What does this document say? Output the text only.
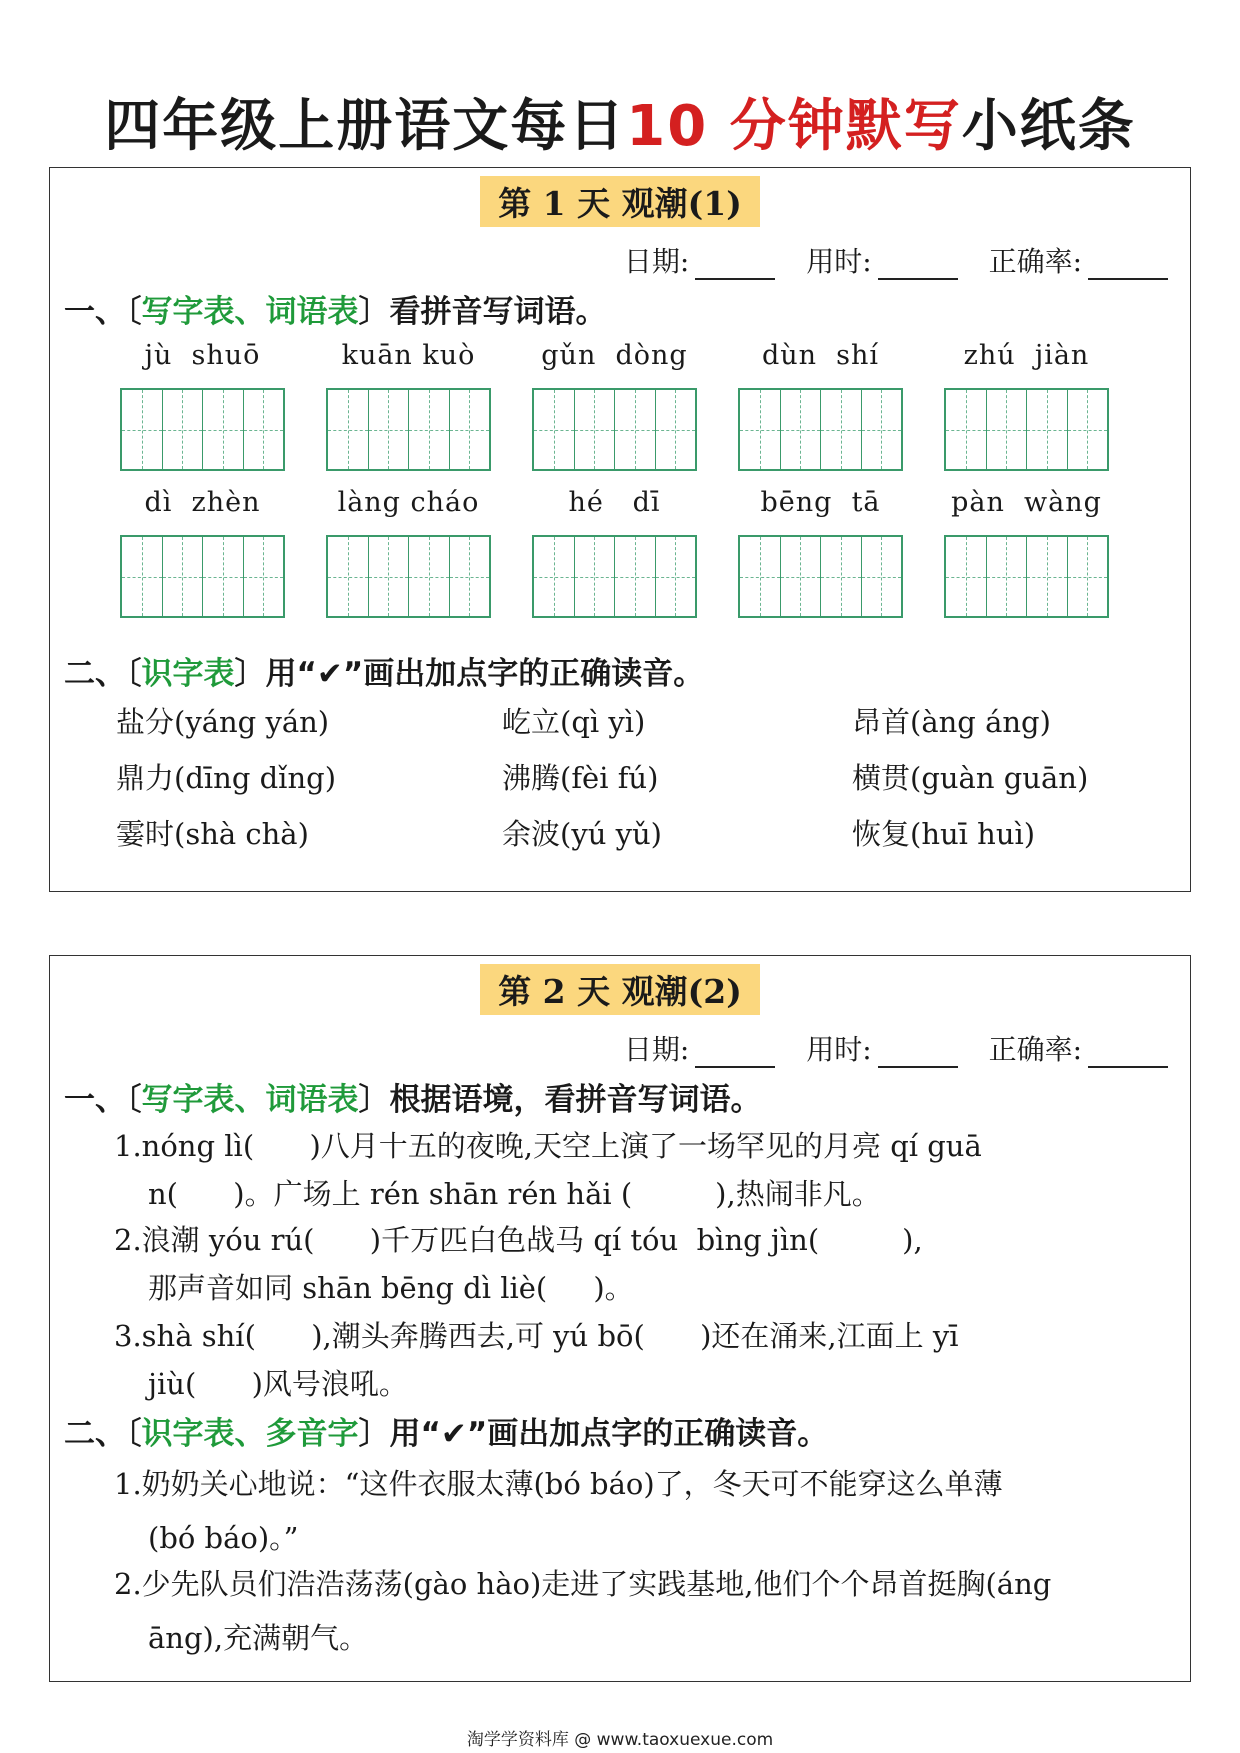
四年级上册语文每日10 分钟默写小纸条
第 1 天 观潮(1)
日期:	用时:	正确率:
一、〔写字表、词语表〕看拼音写词语。
jù  shuō	kuān kuò	gǔn  dòng	dùn  shí	zhú  jiàn
dì  zhèn	làng cháo	hé   dī	bēng  tā	pàn  wàng
二、〔识字表〕用“✔”画出加点字的正确读音。
盐分(yáng yán)	屹立(qì yì)	昂首(àng áng)
鼎力(dīng dǐng)	沸腾(fèi fú)	横贯(guàn guān)
霎时(shà chà)	余波(yú yǔ)	恢复(huī huì)
第 2 天 观潮(2)
日期:	用时:	正确率:
一、〔写字表、词语表〕根据语境，看拼音写词语。
1.nóng lì(      )八月十五的夜晚,天空上演了一场罕见的月亮 qí guā
n(      )。广场上 rén shān rén hǎi (         ),热闹非凡。
2.浪潮 yóu rú(      )千万匹白色战马 qí tóu  bìng jìn(         ),
那声音如同 shān bēng dì liè(     )。
3.shà shí(      ),潮头奔腾西去,可 yú bō(      )还在涌来,江面上 yī
jiù(      )风号浪吼。
二、〔识字表、多音字〕用“✔”画出加点字的正确读音。
1.奶奶关心地说：“这件衣服太薄(bó báo)了，冬天可不能穿这么单薄
(bó báo)。”
2.少先队员们浩浩荡荡(gào hào)走进了实践基地,他们个个昂首挺胸(áng
āng),充满朝气。
淘学学资料库 @ www.taoxuexue.com
